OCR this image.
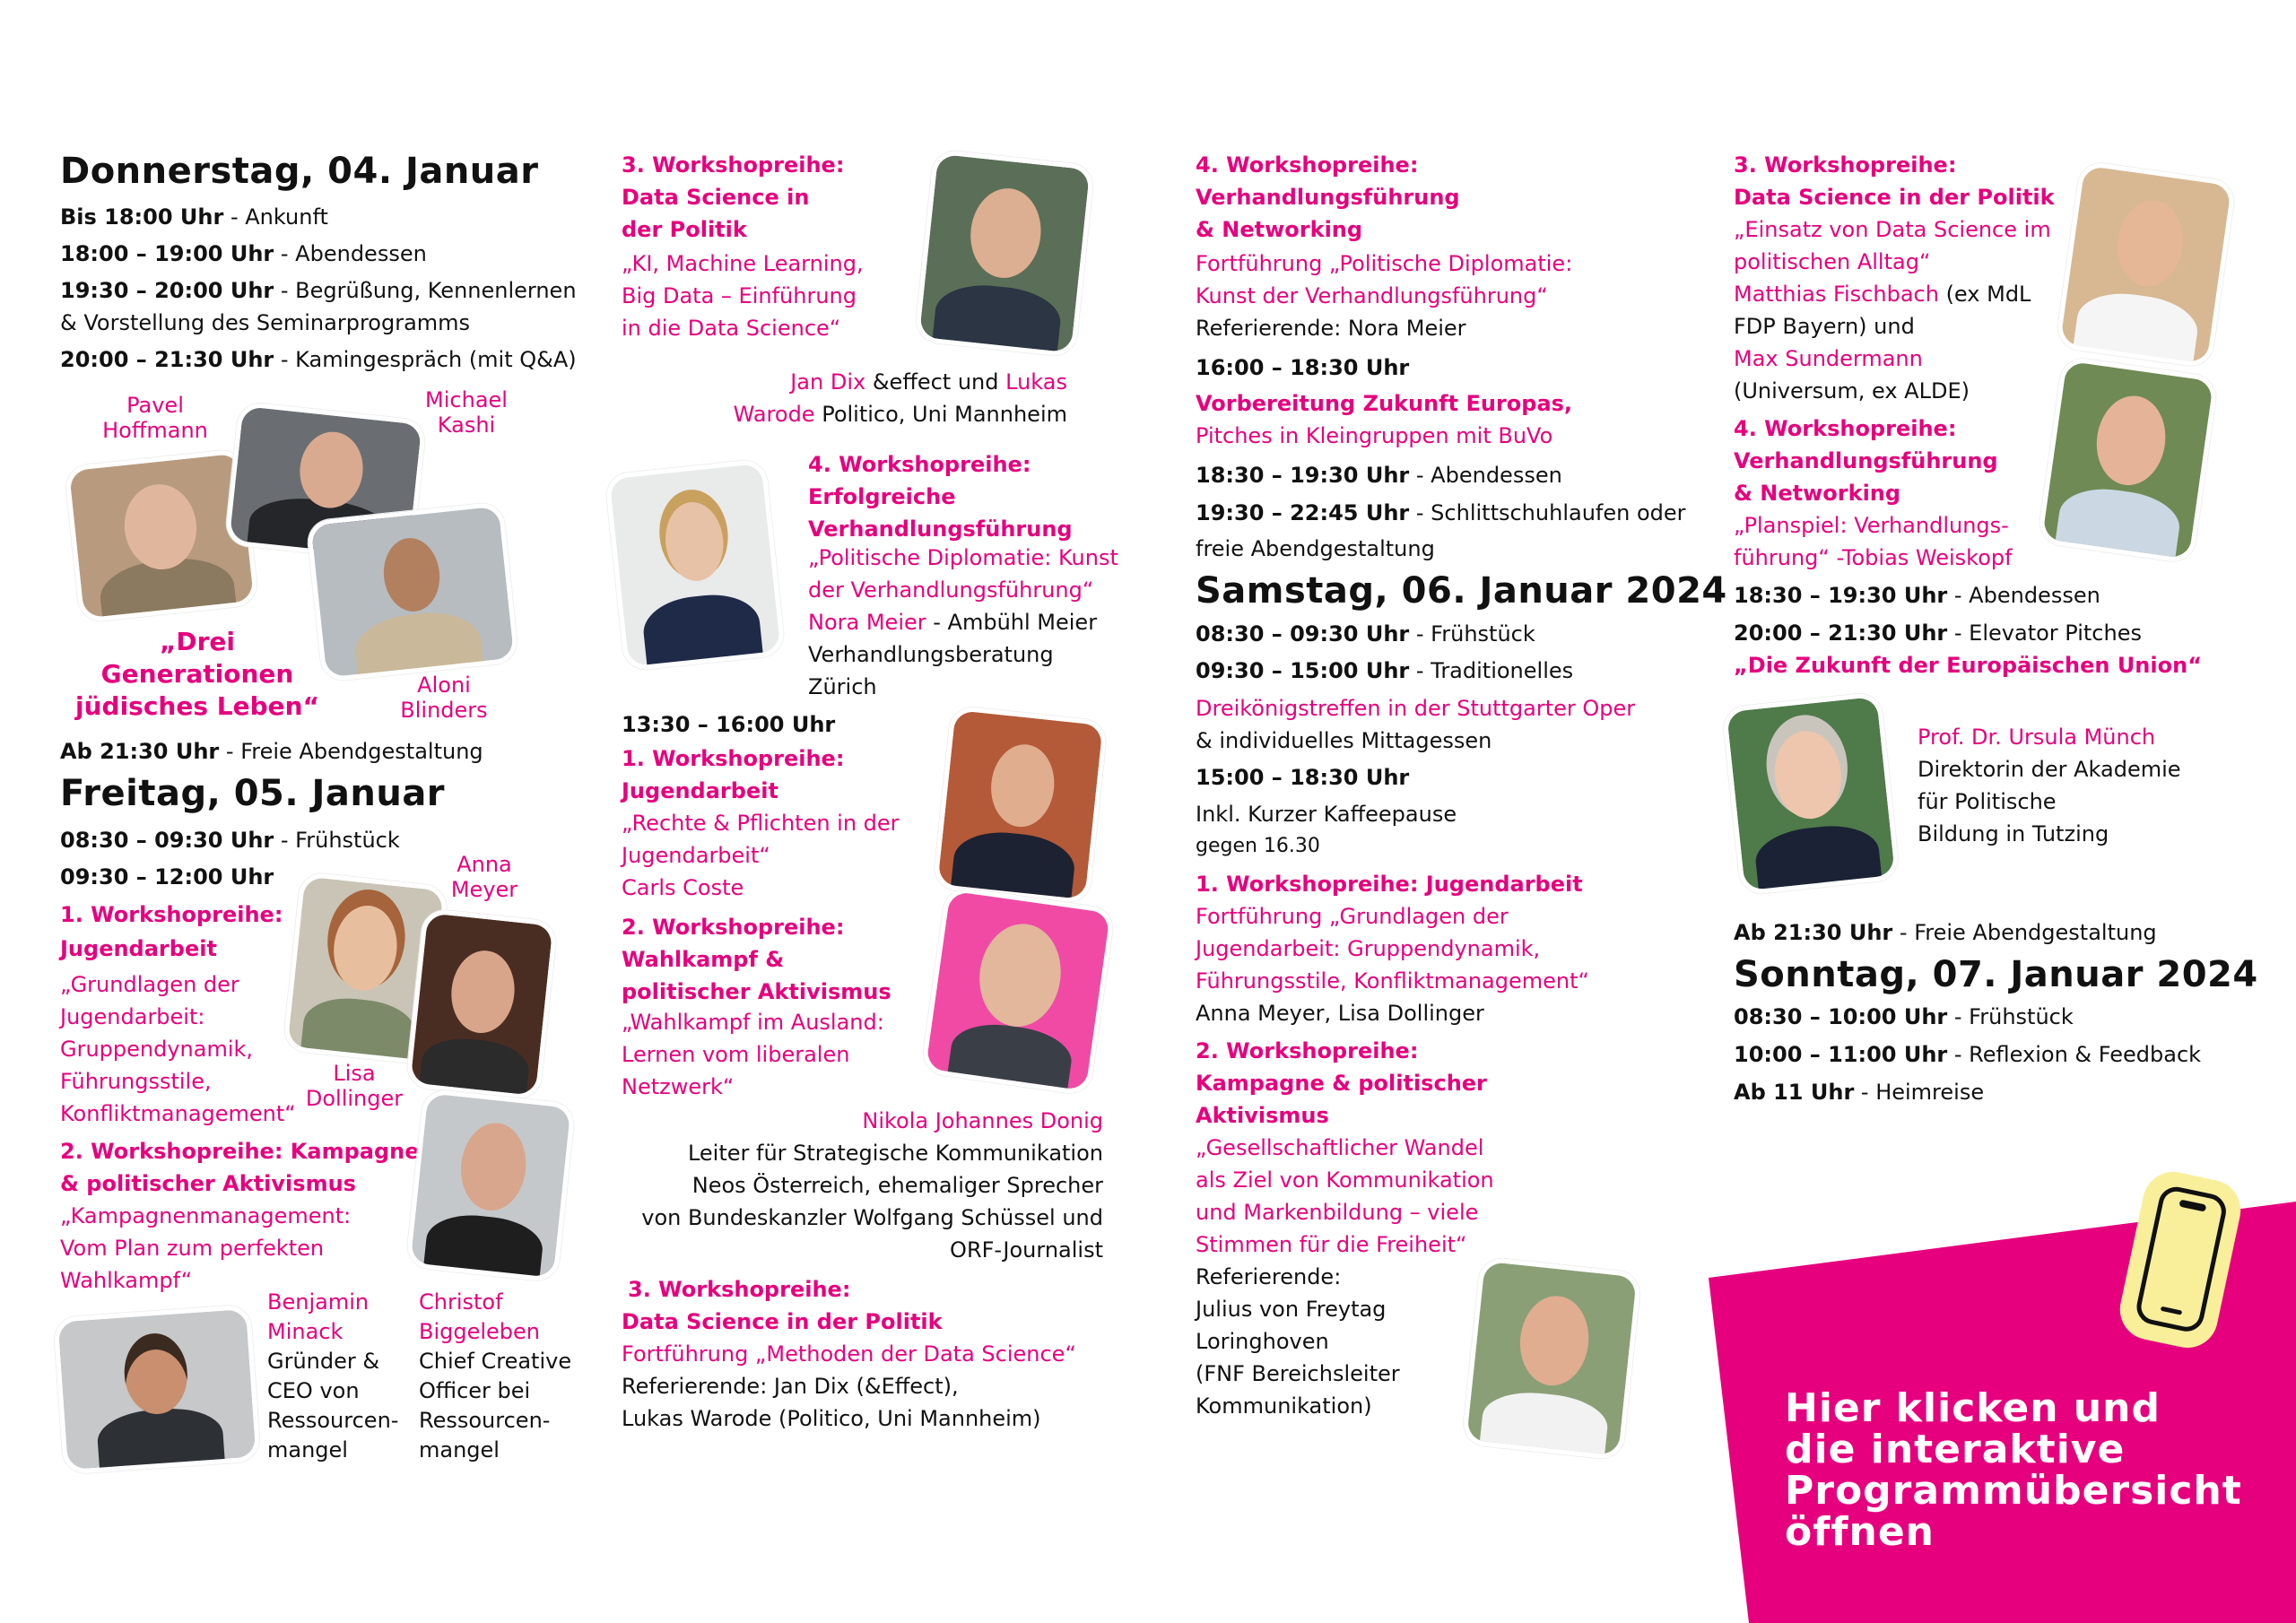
Donnerstag, 04. Januar
Bis 18:00 Uhr - Ankunft
18:00 – 19:00 Uhr - Abendessen
19:30 – 20:00 Uhr - Begrüßung, Kennenlernen
& Vorstellung des Seminarprogramms
20:00 – 21:30 Uhr - Kamingespräch (mit Q&A)
Pavel
Hoffmann
Michael
Kashi
Aloni
Blinders
„Drei
Generationen
jüdisches Leben“
Ab 21:30 Uhr - Freie Abendgestaltung
Freitag, 05. Januar
08:30 – 09:30 Uhr - Frühstück
09:30 – 12:00 Uhr
1. Workshopreihe:
Jugendarbeit
„Grundlagen der
Jugendarbeit:
Gruppendynamik,
Führungsstile,
Konfliktmanagement“
Anna
Meyer
Lisa
Dollinger
2. Workshopreihe: Kampagne
& politischer Aktivismus
„Kampagnenmanagement:
Vom Plan zum perfekten
Wahlkampf“
Benjamin
Minack
Gründer &
CEO von
Ressourcen-
mangel
Christof
Biggeleben
Chief Creative
Officer bei
Ressourcen-
mangel
3. Workshopreihe:
Data Science in
der Politik
„KI, Machine Learning,
Big Data – Einführung
in die Data Science“
Jan Dix &effect und Lukas
Warode Politico, Uni Mannheim
4. Workshopreihe:
Erfolgreiche
Verhandlungsführung
„Politische Diplomatie: Kunst
der Verhandlungsführung“
Nora Meier - Ambühl Meier
Verhandlungsberatung
Zürich
13:30 – 16:00 Uhr
1. Workshopreihe:
Jugendarbeit
„Rechte & Pflichten in der
Jugendarbeit“
Carls Coste
2. Workshopreihe:
Wahlkampf &
politischer Aktivismus
„Wahlkampf im Ausland:
Lernen vom liberalen
Netzwerk“
Nikola Johannes Donig
Leiter für Strategische Kommunikation
Neos Österreich, ehemaliger Sprecher
von Bundeskanzler Wolfgang Schüssel und
ORF-Journalist
3. Workshopreihe:
Data Science in der Politik
Fortführung „Methoden der Data Science“
Referierende: Jan Dix (&Effect),
Lukas Warode (Politico, Uni Mannheim)
4. Workshopreihe:
Verhandlungsführung
& Networking
Fortführung „Politische Diplomatie:
Kunst der Verhandlungsführung“
Referierende: Nora Meier
16:00 – 18:30 Uhr
Vorbereitung Zukunft Europas,
Pitches in Kleingruppen mit BuVo
18:30 – 19:30 Uhr - Abendessen
19:30 – 22:45 Uhr - Schlittschuhlaufen oder
freie Abendgestaltung
Samstag, 06. Januar 2024
08:30 – 09:30 Uhr - Frühstück
09:30 – 15:00 Uhr - Traditionelles
Dreikönigstreffen in der Stuttgarter Oper
& individuelles Mittagessen
15:00 – 18:30 Uhr
Inkl. Kurzer Kaffeepause
gegen 16.30
1. Workshopreihe: Jugendarbeit
Fortführung „Grundlagen der
Jugendarbeit: Gruppendynamik,
Führungsstile, Konfliktmanagement“
Anna Meyer, Lisa Dollinger
2. Workshopreihe:
Kampagne & politischer
Aktivismus
„Gesellschaftlicher Wandel
als Ziel von Kommunikation
und Markenbildung – viele
Stimmen für die Freiheit“
Referierende:
Julius von Freytag
Loringhoven
(FNF Bereichsleiter
Kommunikation)
3. Workshopreihe:
Data Science in der Politik
„Einsatz von Data Science im
politischen Alltag“
Matthias Fischbach (ex MdL
FDP Bayern) und
Max Sundermann
(Universum, ex ALDE)
4. Workshopreihe:
Verhandlungsführung
& Networking
„Planspiel: Verhandlungs-
führung“ -Tobias Weiskopf
18:30 – 19:30 Uhr - Abendessen
20:00 – 21:30 Uhr - Elevator Pitches
„Die Zukunft der Europäischen Union“
Prof. Dr. Ursula Münch
Direktorin der Akademie
für Politische
Bildung in Tutzing
Ab 21:30 Uhr - Freie Abendgestaltung
Sonntag, 07. Januar 2024
08:30 – 10:00 Uhr - Frühstück
10:00 – 11:00 Uhr - Reflexion & Feedback
Ab 11 Uhr - Heimreise
Hier klicken und
die interaktive
Programmübersicht
öffnen
